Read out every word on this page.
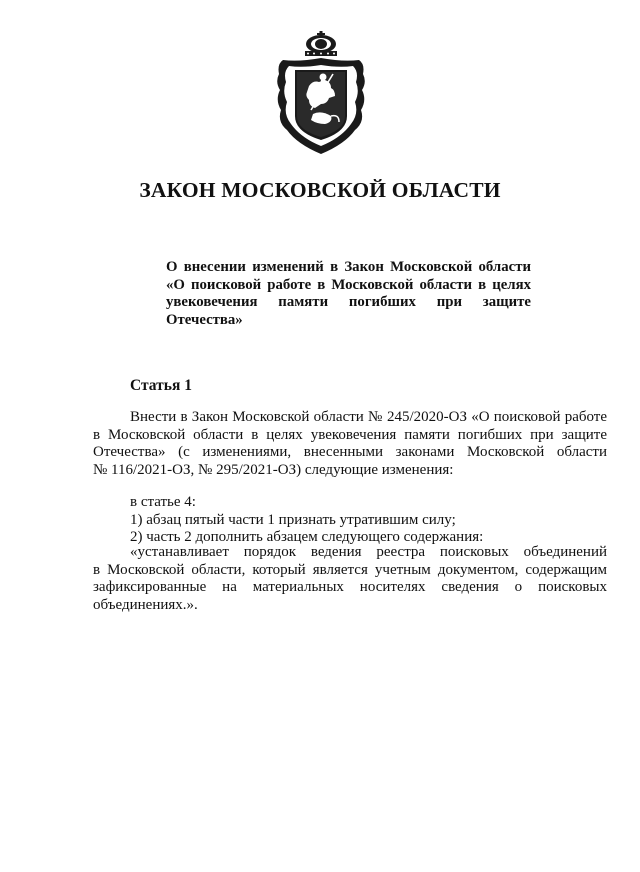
ЗАКОН МОСКОВСКОЙ ОБЛАСТИ
О внесении изменений в Закон Московской области
«О поисковой работе в Московской области в целях
увековечения памяти погибших при защите
Отечества»
Статья 1
Внести в Закон Московской области № 245/2020-ОЗ «О поисковой работе
в Московской области в целях увековечения памяти погибших при защите
Отечества» (с изменениями, внесенными законами Московской области
№ 116/2021-ОЗ, № 295/2021-ОЗ) следующие изменения:
в статье 4:
1) абзац пятый части 1 признать утратившим силу;
2) часть 2 дополнить абзацем следующего содержания:
«устанавливает порядок ведения реестра поисковых объединений
в Московской области, который является учетным документом, содержащим
зафиксированные на материальных носителях сведения о поисковых
объединениях.».
